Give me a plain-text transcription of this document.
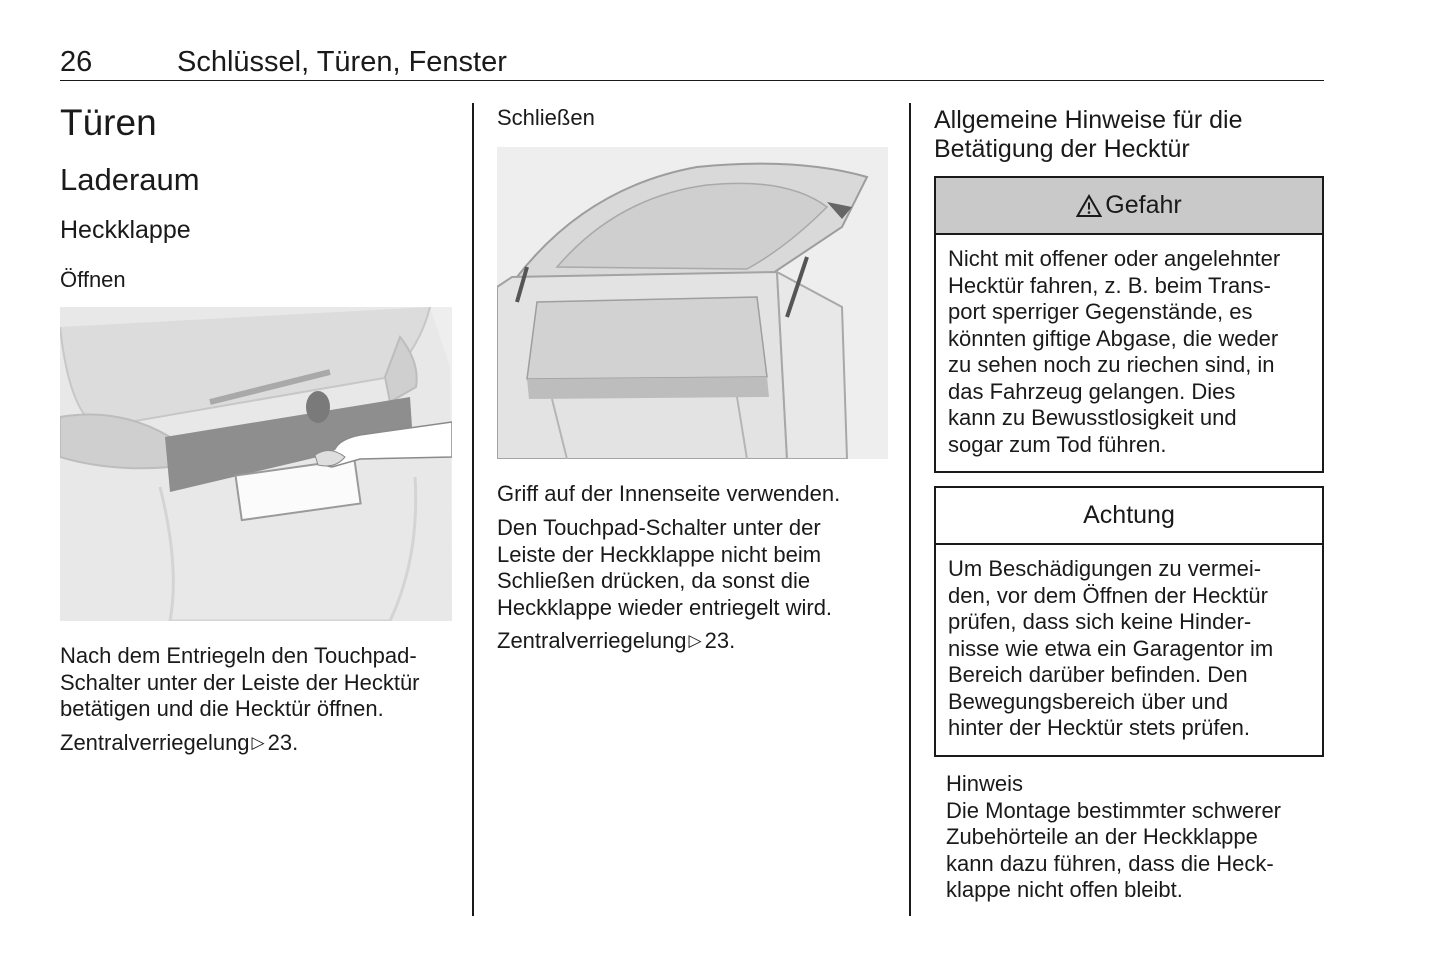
26	Schlüssel, Türen, Fenster
Türen
Laderaum
Heckklappe
Öffnen
Nach dem Entriegeln den Touchpad-
Schalter unter der Leiste der Hecktür
betätigen und die Hecktür öffnen.
Zentralverriegelung ▷ 23.
Schließen
Griff auf der Innenseite verwenden.
Den Touchpad-Schalter unter der
Leiste der Heckklappe nicht beim
Schließen drücken, da sonst die
Heckklappe wieder entriegelt wird.
Zentralverriegelung ▷ 23.
Allgemeine Hinweise für die
Betätigung der Hecktür
Gefahr
Nicht mit offener oder angelehnter
Hecktür fahren, z. B. beim Trans-
port sperriger Gegenstände, es
könnten giftige Abgase, die weder
zu sehen noch zu riechen sind, in
das Fahrzeug gelangen. Dies
kann zu Bewusstlosigkeit und
sogar zum Tod führen.
Achtung
Um Beschädigungen zu vermei-
den, vor dem Öffnen der Hecktür
prüfen, dass sich keine Hinder-
nisse wie etwa ein Garagentor im
Bereich darüber befinden. Den
Bewegungsbereich über und
hinter der Hecktür stets prüfen.
Hinweis
Die Montage bestimmter schwerer
Zubehörteile an der Heckklappe
kann dazu führen, dass die Heck-
klappe nicht offen bleibt.
